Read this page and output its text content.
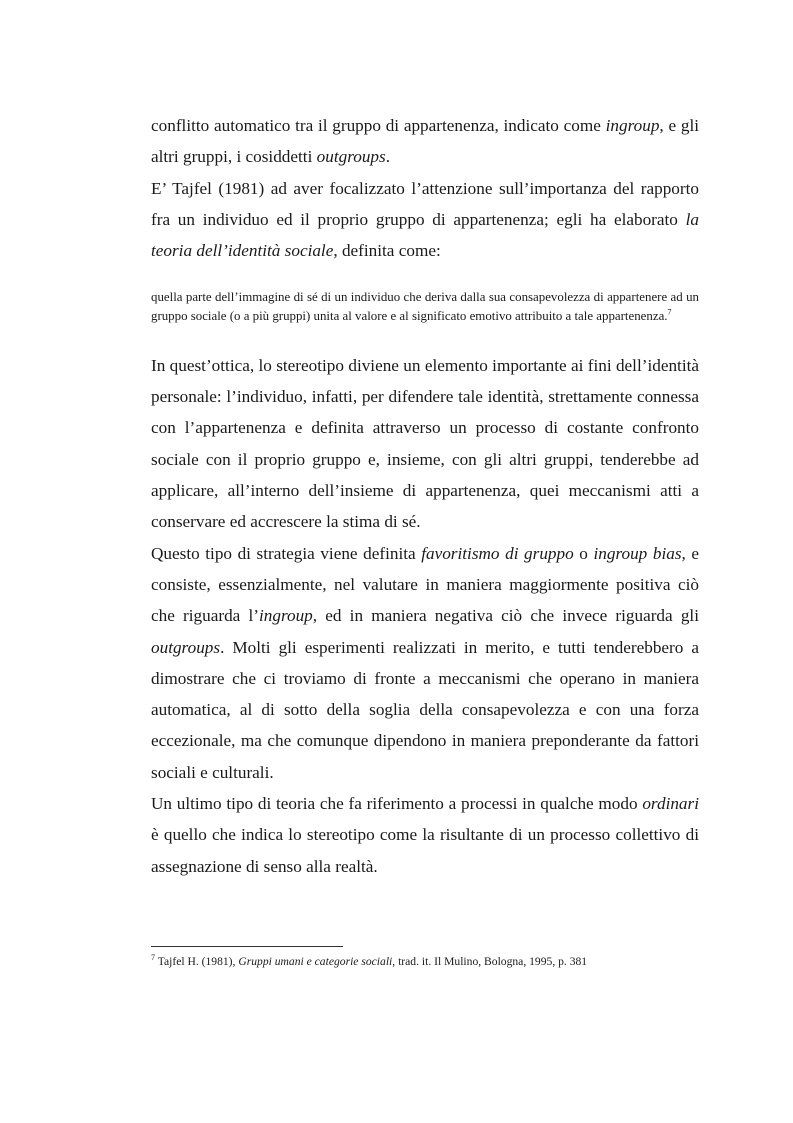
conflitto automatico tra il gruppo di appartenenza, indicato come ingroup, e gli altri gruppi, i cosiddetti outgroups.

E’ Tajfel (1981) ad aver focalizzato l’attenzione sull’importanza del rapporto fra un individuo ed il proprio gruppo di appartenenza; egli ha elaborato la teoria dell’identità sociale, definita come:

quella parte dell’immagine di sé di un individuo che deriva dalla sua consapevolezza di appartenere ad un gruppo sociale (o a più gruppi) unita al valore e al significato emotivo attribuito a tale appartenenza.$^7$

In quest’ottica, lo stereotipo diviene un elemento importante ai fini dell’identità personale: l’individuo, infatti, per difendere tale identità, strettamente connessa con l’appartenenza e definita attraverso un processo di costante confronto sociale con il proprio gruppo e, insieme, con gli altri gruppi, tenderebbe ad applicare, all’interno dell’insieme di appartenenza, quei meccanismi atti a conservare ed accrescere la stima di sé.

Questo tipo di strategia viene definita favoritismo di gruppo o ingroup bias, e consiste, essenzialmente, nel valutare in maniera maggiormente positiva ciò che riguarda l’ingroup, ed in maniera negativa ciò che invece riguarda gli outgroups. Molti gli esperimenti realizzati in merito, e tutti tenderebbero a dimostrare che ci troviamo di fronte a meccanismi che operano in maniera automatica, al di sotto della soglia della consapevolezza e con una forza eccezionale, ma che comunque dipendono in maniera preponderante da fattori sociali e culturali.

Un ultimo tipo di teoria che fa riferimento a processi in qualche modo ordinari è quello che indica lo stereotipo come la risultante di un processo collettivo di assegnazione di senso alla realtà.

$^7$ Tajfel H. (1981), Gruppi umani e categorie sociali, trad. it. Il Mulino, Bologna, 1995, p. 381
